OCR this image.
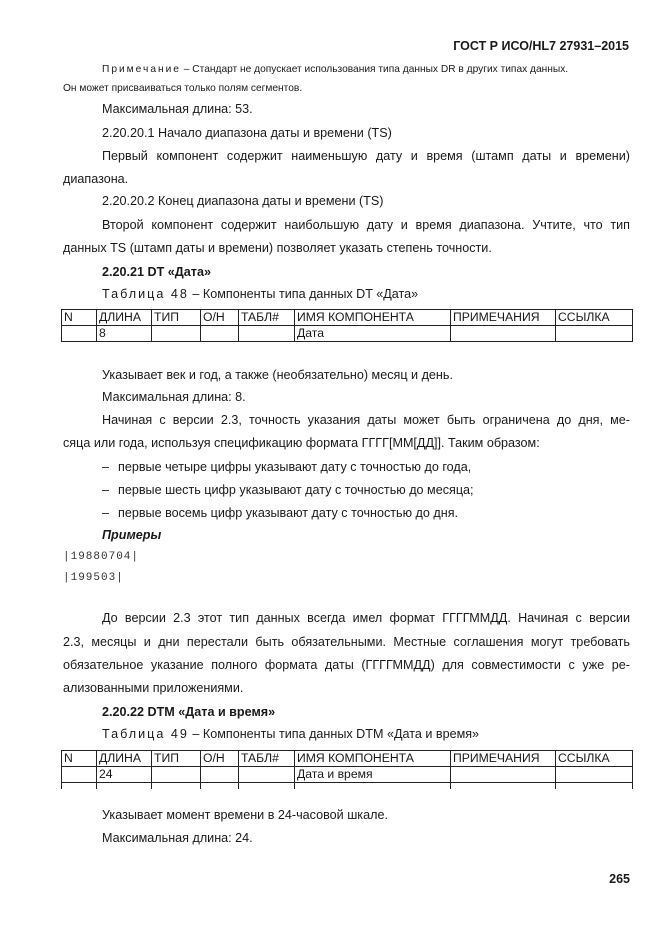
ГОСТ Р ИСО/HL7 27931–2015
Примечание – Стандарт не допускает использования типа данных DR в других типах данных.
Он может присваиваться только полям сегментов.
Максимальная длина: 53.
2.20.20.1 Начало диапазона даты и времени (TS)
Первый компонент содержит наименьшую дату и время (штамп даты и времени)
диапазона.
2.20.20.2 Конец диапазона даты и времени (TS)
Второй компонент содержит наибольшую дату и время диапазона. Учтите, что тип
данных TS (штамп даты и времени) позволяет указать степень точности.
2.20.21 DT «Дата»
Таблица 48 – Компоненты типа данных DT «Дата»
N	ДЛИНА	ТИП	О/Н	ТАБЛ#	ИМЯ КОМПОНЕНТА	ПРИМЕЧАНИЯ	ССЫЛКА
	8				Дата		
Указывает век и год, а также (необязательно) месяц и день.
Максимальная длина: 8.
Начиная с версии 2.3, точность указания даты может быть ограничена до дня, ме-
сяца или года, используя спецификацию формата ГГГГ[ММ[ДД]]. Таким образом:
– первые четыре цифры указывают дату с точностью до года,
– первые шесть цифр указывают дату с точностью до месяца;
– первые восемь цифр указывают дату с точностью до дня.
Примеры
|19880704|
|199503|
До версии 2.3 этот тип данных всегда имел формат ГГГГММДД. Начиная с версии
2.3, месяцы и дни перестали быть обязательными. Местные соглашения могут требовать
обязательное указание полного формата даты (ГГГГММДД) для совместимости с уже ре-
ализованными приложениями.
2.20.22 DTM «Дата и время»
Таблица 49 – Компоненты типа данных DTM «Дата и время»
N	ДЛИНА	ТИП	О/Н	ТАБЛ#	ИМЯ КОМПОНЕНТА	ПРИМЕЧАНИЯ	ССЫЛКА
	24				Дата и время		

Указывает момент времени в 24-часовой шкале.
Максимальная длина: 24.
265
